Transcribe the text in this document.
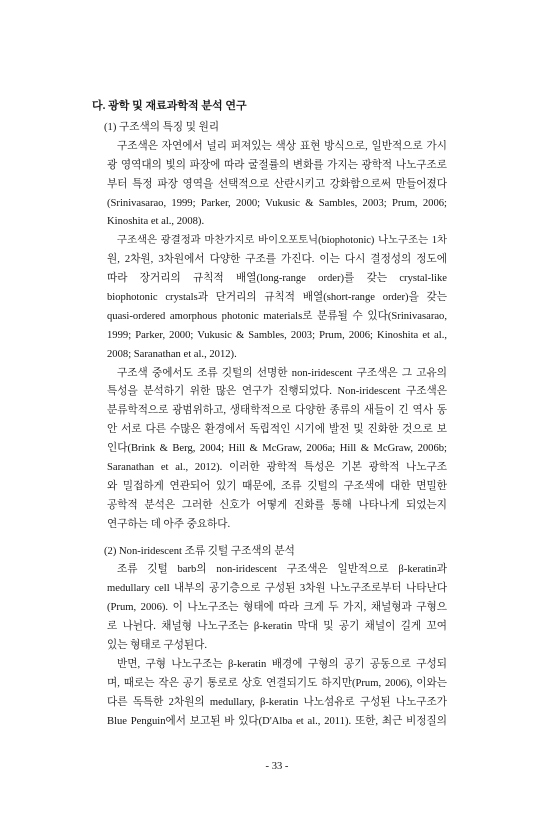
다. 광학 및 재료과학적 분석 연구
(1) 구조색의 특징 및 원리
구조색은 자연에서 널리 퍼져있는 색상 표현 방식으로, 일반적으로 가시
광 영역대의 빛의 파장에 따라 굴절률의 변화를 가지는 광학적 나노구조로
부터 특정 파장 영역을 선택적으로 산란시키고 강화함으로써 만들어졌다
(Srinivasarao, 1999; Parker, 2000; Vukusic & Sambles, 2003; Prum, 2006;
Kinoshita et al., 2008).
구조색은 광결정과 마찬가지로 바이오포토닉(biophotonic) 나노구조는 1차
원, 2차원, 3차원에서 다양한 구조를 가진다. 이는 다시 결정성의 정도에
따라 장거리의 규칙적 배열(long-range order)를 갖는 crystal-like
biophotonic crystals과 단거리의 규칙적 배열(short-range order)을 갖는
quasi-ordered amorphous photonic materials로 분류될 수 있다(Srinivasarao,
1999; Parker, 2000; Vukusic & Sambles, 2003; Prum, 2006; Kinoshita et al.,
2008; Saranathan et al., 2012).
구조색 중에서도 조류 깃털의 선명한 non-iridescent 구조색은 그 고유의
특성을 분석하기 위한 많은 연구가 진행되었다. Non-iridescent 구조색은
분류학적으로 광범위하고, 생태학적으로 다양한 종류의 새들이 긴 역사 동
안 서로 다른 수많은 환경에서 독립적인 시기에 발전 및 진화한 것으로 보
인다(Brink & Berg, 2004; Hill & McGraw, 2006a; Hill & McGraw, 2006b;
Saranathan et al., 2012). 이러한 광학적 특성은 기본 광학적 나노구조
와 밀접하게 연관되어 있기 때문에, 조류 깃털의 구조색에 대한 면밀한
공학적 분석은 그러한 신호가 어떻게 진화를 통해 나타나게 되었는지
연구하는 데 아주 중요하다.
(2) Non-iridescent 조류 깃털 구조색의 분석
조류 깃털 barb의 non-iridescent 구조색은 일반적으로 β-keratin과
medullary cell 내부의 공기층으로 구성된 3차원 나노구조로부터 나타난다
(Prum, 2006). 이 나노구조는 형태에 따라 크게 두 가지, 채널형과 구형으
로 나뉜다. 채널형 나노구조는 β-keratin 막대 및 공기 채널이 길게 꼬여
있는 형태로 구성된다.
반면, 구형 나노구조는 β-keratin 배경에 구형의 공기 공동으로 구성되
며, 때로는 작은 공기 통로로 상호 연결되기도 하지만(Prum, 2006), 이와는
다른 독특한 2차원의 medullary, β-keratin 나노섬유로 구성된 나노구조가
Blue Penguin에서 보고된 바 있다(D'Alba et al., 2011). 또한, 최근 비정질의
- 33 -
